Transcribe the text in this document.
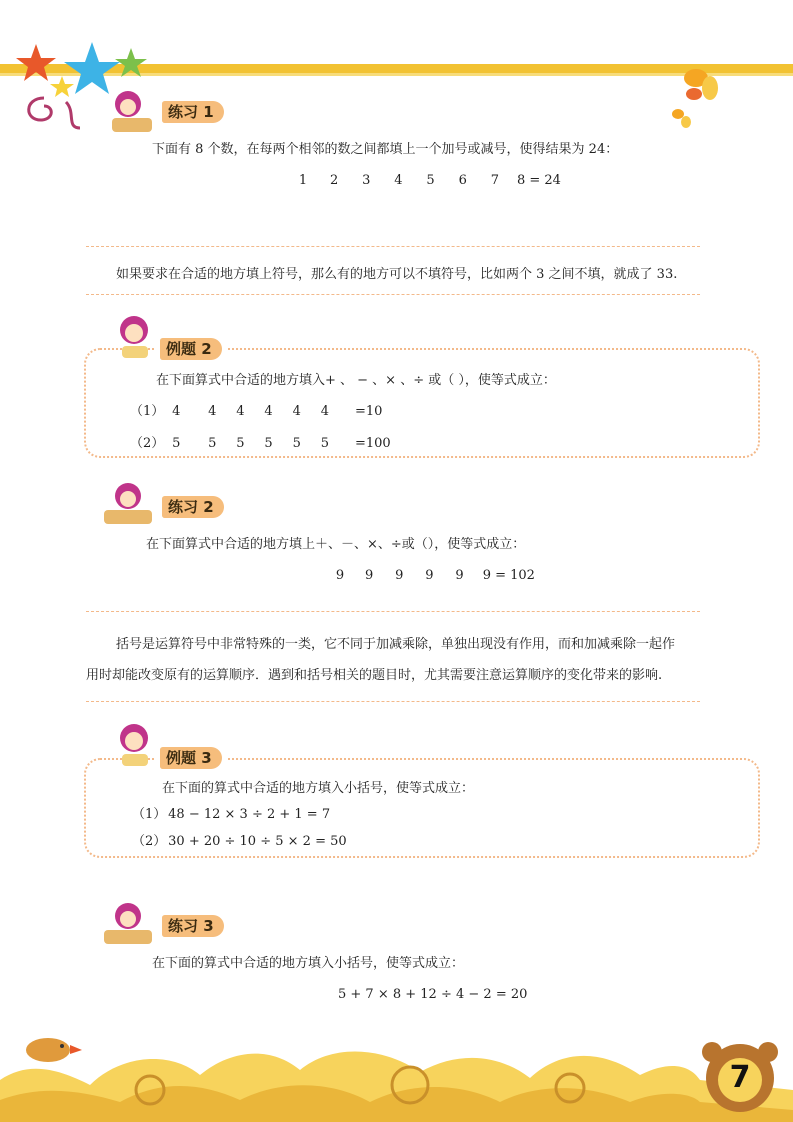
练习 1
下面有 8 个数，在每两个相邻的数之间都填上一个加号或减号，使得结果为 24：
1 2 3 4 5 6 7 8 = 24
如果要求在合适的地方填上符号，那么有的地方可以不填符号，比如两个 3 之间不填，就成了 33.
例题 2
在下面算式中合适的地方填入+ 、 − 、× 、÷ 或（ ），使等式成立：
（1） 4 4 4 4 4 4 =10
（2） 5 5 5 5 5 5 =100
练习 2
在下面算式中合适的地方填上＋、－、×、÷或（），使等式成立：
9 9 9 9 9 9 = 102
括号是运算符号中非常特殊的一类，它不同于加减乘除，单独出现没有作用，而和加减乘除一起作
用时却能改变原有的运算顺序．遇到和括号相关的题目时，尤其需要注意运算顺序的变化带来的影响.
例题 3
在下面的算式中合适的地方填入小括号，使等式成立：
（1） 48 − 12 × 3 ÷ 2 + 1 = 7
（2） 30 + 20 ÷ 10 ÷ 5 × 2 = 50
练习 3
在下面的算式中合适的地方填入小括号，使等式成立：
5 + 7 × 8 + 12 ÷ 4 − 2 = 20
7
